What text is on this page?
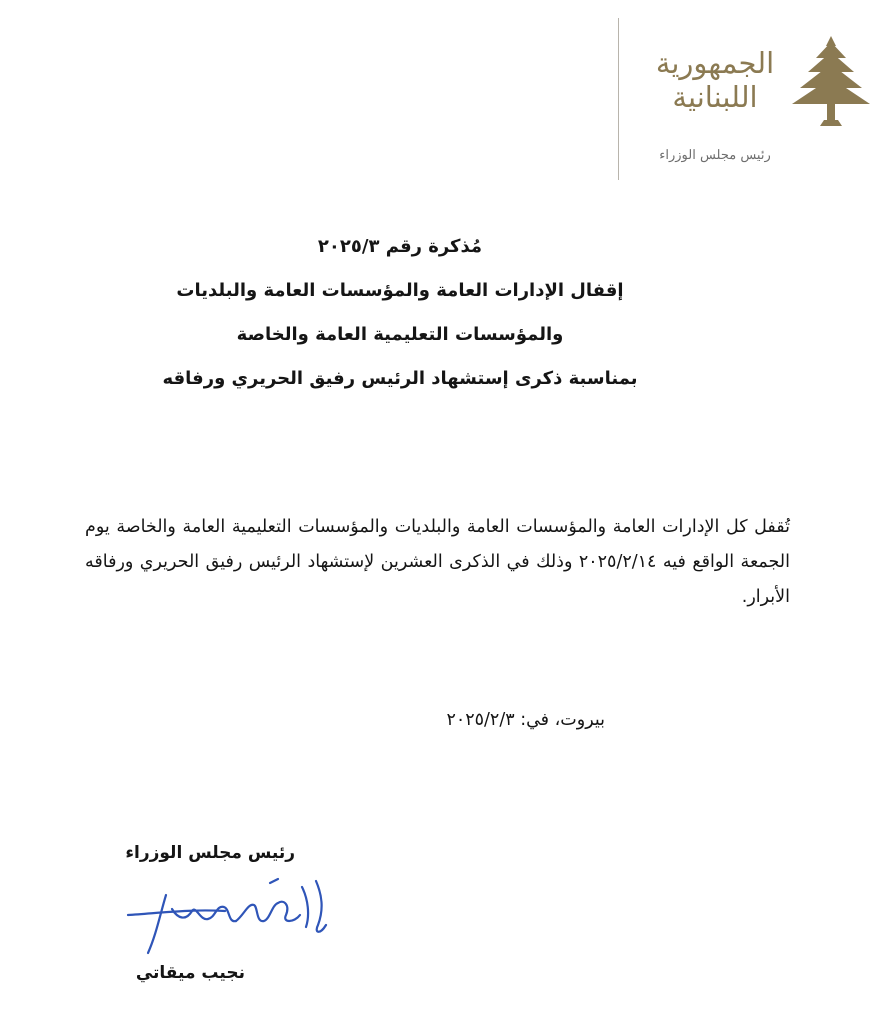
الجمهورية
اللبنانية
رئيس مجلس الوزراء
مُذكرة رقم ٢٠٢٥/٣
إقفال الإدارات العامة والمؤسسات العامة والبلديات
والمؤسسات التعليمية العامة والخاصة
بمناسبة ذكرى إستشهاد الرئيس رفيق الحريري ورفاقه
تُقفل كل الإدارات العامة والمؤسسات العامة والبلديات والمؤسسات التعليمية العامة والخاصة يوم الجمعة الواقع فيه ٢٠٢٥/٢/١٤ وذلك في الذكرى العشرين لإستشهاد الرئيس رفيق الحريري ورفاقه الأبرار.
بيروت، في: ٢٠٢٥/٢/٣
رئيس مجلس الوزراء
نجيب ميقاتي
